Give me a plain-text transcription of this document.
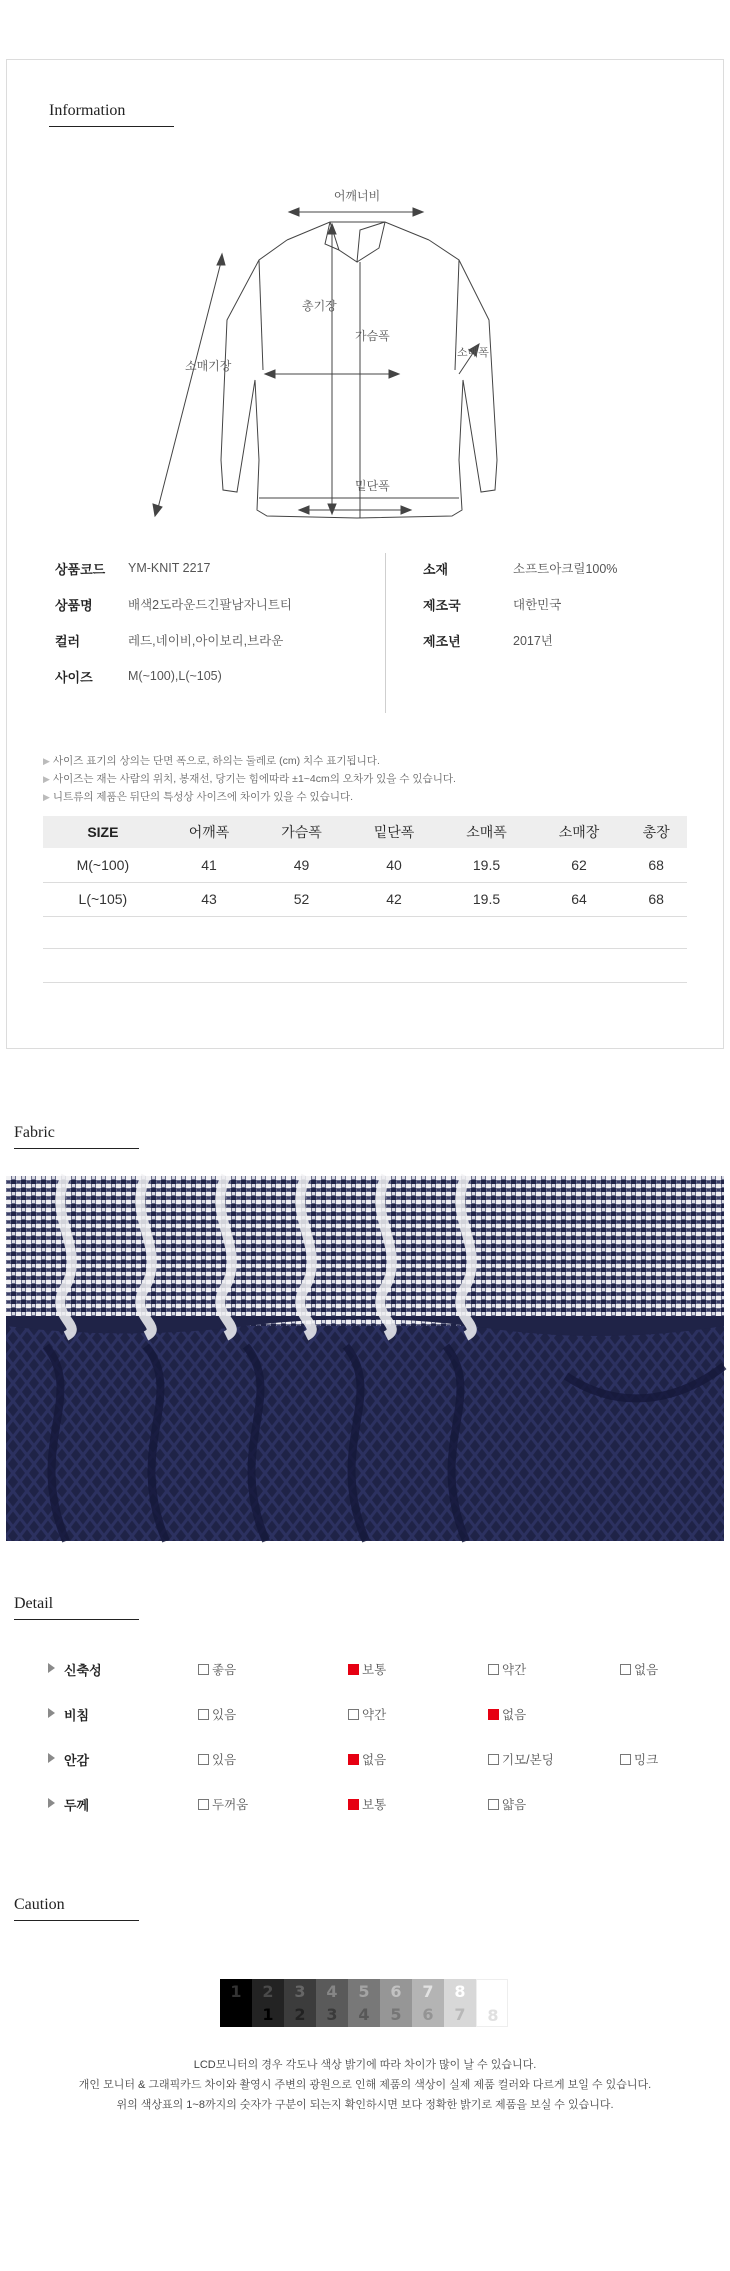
Information
어깨너비
총기장
소매기장
가슴폭
소매폭
밑단폭
상품코드	YM-KNIT 2217
상품명	배색2도라운드긴팔남자니트티
컬러	레드,네이비,아이보리,브라운
사이즈	M(~100),L(~105)
소재	소프트아크릴100%
제조국	대한민국
제조년	2017년
▶ 사이즈 표기의 상의는 단면 폭으로, 하의는 둘레로 (cm) 치수 표기됩니다.
▶ 사이즈는 재는 사람의 위치, 봉재선, 당기는 힘에따라 ±1~4cm의 오차가 있을 수 있습니다.
▶ 니트류의 제품은 뒤단의 특성상 사이즈에 차이가 있을 수 있습니다.
SIZE	어깨폭	가슴폭	밑단폭	소매폭	소매장	총장
M(~100)	41	49	40	19.5	62	68
L(~105)	43	52	42	19.5	64	68
Fabric
Detail
신축성	좋음	보통	약간	없음
비침	있음	약간	없음
안감	있음	없음	기모/본딩	밍크
두께	두꺼움	보통	얇음
Caution
1	2
1
3
2
4
3
5
4
6
5
7
6
8
7	8
LCD모니터의 경우 각도나 색상 밝기에 따라 차이가 많이 날 수 있습니다.
개인 모니터 & 그래픽카드 차이와 촬영시 주변의 광원으로 인해 제품의 색상이 실제 제품 컬러와 다르게 보일 수 있습니다.
위의 색상표의 1~8까지의 숫자가 구분이 되는지 확인하시면 보다 정확한 밝기로 제품을 보실 수 있습니다.
